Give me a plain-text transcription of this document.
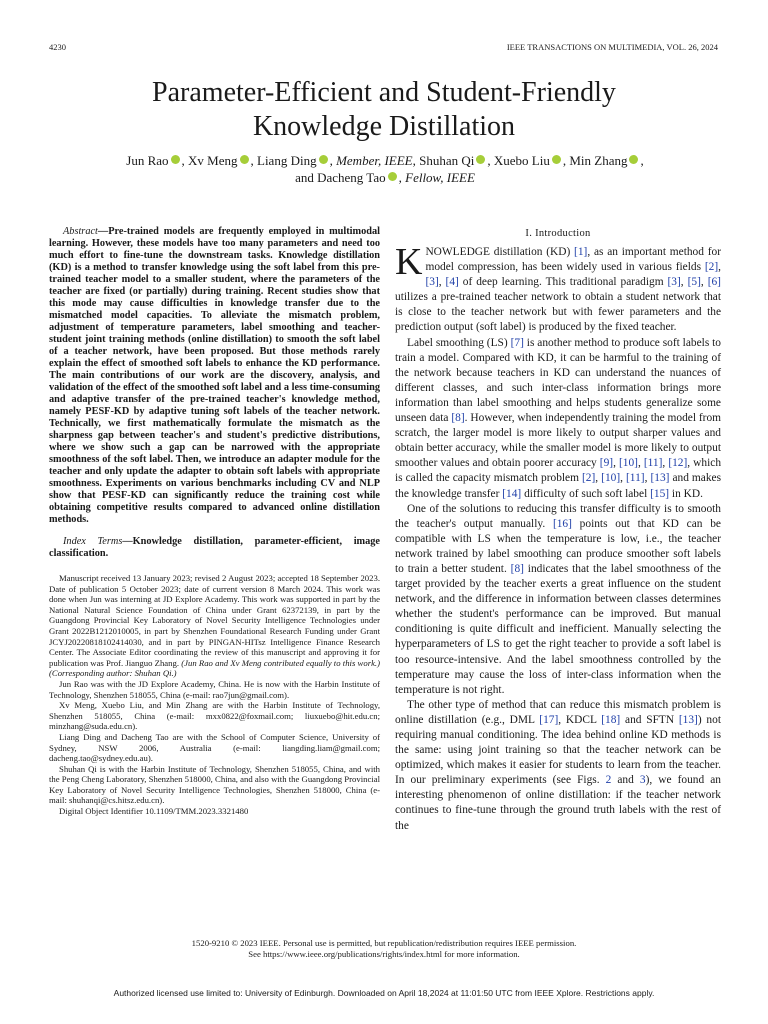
4230	IEEE TRANSACTIONS ON MULTIMEDIA, VOL. 26, 2024
Parameter-Efficient and Student-Friendly
Knowledge Distillation
Jun Rao , Xv Meng , Liang Ding , Member, IEEE, Shuhan Qi , Xuebo Liu , Min Zhang ,
and Dacheng Tao , Fellow, IEEE

Abstract—Pre-trained models are frequently employed in multimodal learning. However, these models have too many parameters and need too much effort to fine-tune the downstream tasks. Knowledge distillation (KD) is a method to transfer knowledge using the soft label from this pre-trained teacher model to a smaller student, where the parameters of the teacher are fixed (or partially) during training. Recent studies show that this mode may cause difficulties in knowledge transfer due to the mismatched model capacities. To alleviate the mismatch problem, adjustment of temperature parameters, label smoothing and teacher-student joint training methods (online distillation) to smooth the soft label of a teacher network, have been proposed. But those methods rarely explain the effect of smoothed soft labels to enhance the KD performance. The main contributions of our work are the discovery, analysis, and validation of the effect of the smoothed soft label and a less time-consuming and adaptive transfer of the pre-trained teacher's knowledge method, namely PESF-KD by adaptive tuning soft labels of the teacher network. Technically, we first mathematically formulate the mismatch as the sharpness gap between teacher's and student's predictive distributions, where we show such a gap can be narrowed with the appropriate smoothness of the soft label. Then, we introduce an adapter module for the teacher and only update the adapter to obtain soft labels with appropriate smoothness. Experiments on various benchmarks including CV and NLP show that PESF-KD can significantly reduce the training cost while obtaining competitive results compared to advanced online distillation methods.

Index Terms—Knowledge distillation, parameter-efficient, image classification.

Manuscript received 13 January 2023; revised 2 August 2023; accepted 18 September 2023. Date of publication 5 October 2023; date of current version 8 March 2024. This work was done when Jun was interning at JD Explore Academy. This work was supported in part by the National Natural Science Foundation of China under Grant 62372139, in part by the Guangdong Provincial Key Laboratory of Novel Security Intelligence Technologies under Grant 2022B1212010005, in part by Shenzhen Foundational Research Funding under Grant JCYJ20220818102414030, and in part by PINGAN-HITsz Intelligence Finance Research Center. The Associate Editor coordinating the review of this manuscript and approving it for publication was Prof. Jianguo Zhang. (Jun Rao and Xv Meng contributed equally to this work.) (Corresponding author: Shuhan Qi.)

Jun Rao was with the JD Explore Academy, China. He is now with the Harbin Institute of Technology, Shenzhen 518055, China (e-mail: rao7jun@gmail.com).

Xv Meng, Xuebo Liu, and Min Zhang are with the Harbin Institute of Technology, Shenzhen 518055, China (e-mail: mxx0822@foxmail.com; liuxuebo@hit.edu.cn; minzhang@suda.edu.cn).

Liang Ding and Dacheng Tao are with the School of Computer Science, University of Sydney, NSW 2006, Australia (e-mail: liangding.liam@gmail.com; dacheng.tao@sydney.edu.au).

Shuhan Qi is with the Harbin Institute of Technology, Shenzhen 518055, China, and with the Peng Cheng Laboratory, Shenzhen 518000, China, and also with the Guangdong Provincial Key Laboratory of Novel Security Intelligence Technologies, Shenzhen 518000, China (e-mail: shuhanqi@cs.hitsz.edu.cn).

Digital Object Identifier 10.1109/TMM.2023.3321480

I. Introduction

KNOWLEDGE distillation (KD) [1], as an important method for model compression, has been widely used in various fields [2], [3], [4] of deep learning. This traditional paradigm [3], [5], [6] utilizes a pre-trained teacher network to obtain a student network that is close to the teacher network but with fewer parameters and the prediction output (soft label) is produced by the fixed teacher.

Label smoothing (LS) [7] is another method to produce soft labels to train a model. Compared with KD, it can be harmful to the training of the network because teachers in KD can understand the nuances of different classes, and such inter-class information brings more information than label smoothing and helps students generalize some unseen data [8]. However, when independently training the model from scratch, the larger model is more likely to output sharper values and obtain better accuracy, while the smaller model is more likely to output smoother values and obtain poorer accuracy [9], [10], [11], [12], which is called the capacity mismatch problem [2], [10], [11], [13] and makes the knowledge transfer [14] difficulty of such soft label [15] in KD.

One of the solutions to reducing this transfer difficulty is to smooth the teacher's output manually. [16] points out that KD can be compatible with LS when the temperature is low, i.e., the teacher network trained by label smoothing can produce smoother soft labels to train a better student. [8] indicates that the label smoothness of the target provided by the teacher exerts a great influence on the student network, and the difference in information between classes determines whether the student's performance can be improved. But manual conditioning is quite difficult and inefficient. Manually selecting the hyperparameters of LS to get the right teacher to provide a soft label is too resource-intensive. And the label smoothness controlled by the temperature may cause the loss of inter-class information when the temperature is not right.

The other type of method that can reduce this mismatch problem is online distillation (e.g., DML [17], KDCL [18] and SFTN [13]) not requiring manual conditioning. The idea behind online KD methods is the same: using joint training so that the teacher network can be optimized, which makes it easier for students to learn from the teacher. In our preliminary experiments (see Figs. 2 and 3), we found an interesting phenomenon of online distillation: if the teacher network continues to fine-tune through the ground truth labels with the rest of the

1520-9210 © 2023 IEEE. Personal use is permitted, but republication/redistribution requires IEEE permission.
See https://www.ieee.org/publications/rights/index.html for more information.
Authorized licensed use limited to: University of Edinburgh. Downloaded on April 18,2024 at 11:01:50 UTC from IEEE Xplore. Restrictions apply.
